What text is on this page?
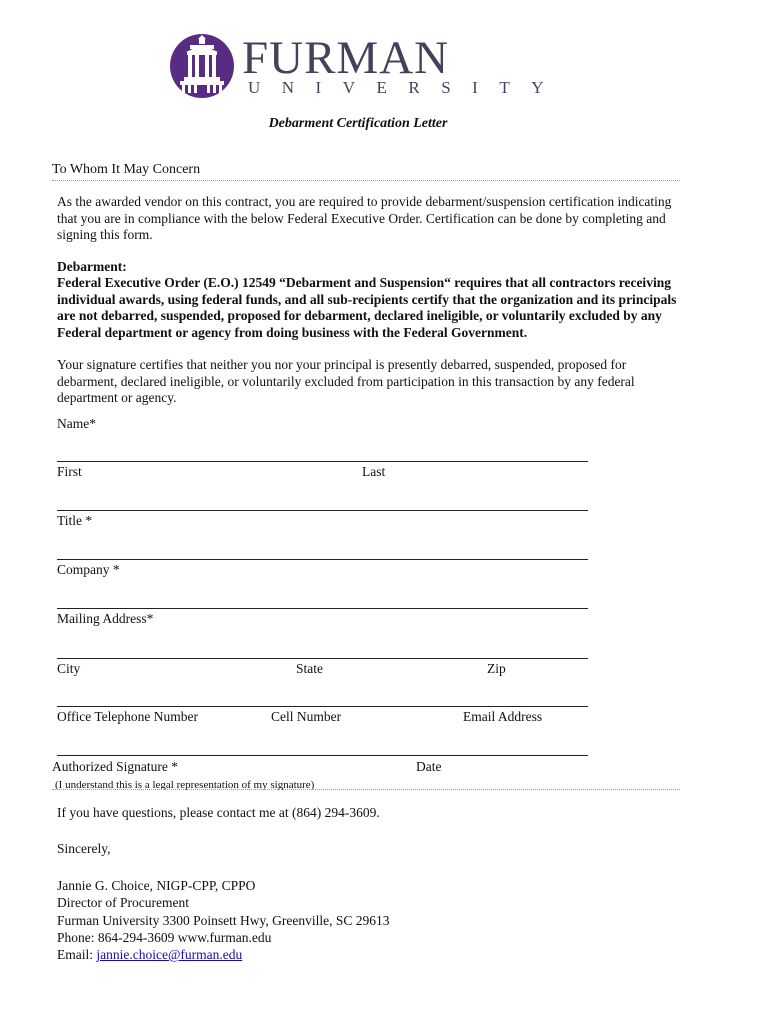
FURMAN
UNIVERSITY
Debarment Certification Letter
To Whom It May Concern
As the awarded vendor on this contract, you are required to provide debarment/suspension certification indicating that you are in compliance with the below Federal Executive Order. Certification can be done by completing and signing this form.
Debarment:
Federal Executive Order (E.O.) 12549 “Debarment and Suspension“ requires that all contractors receiving individual awards, using federal funds, and all sub-recipients certify that the organization and its principals are not debarred, suspended, proposed for debarment, declared ineligible, or voluntarily excluded by any Federal department or agency from doing business with the Federal Government.
Your signature certifies that neither you nor your principal is presently debarred, suspended, proposed for debarment, declared ineligible, or voluntarily excluded from participation in this transaction by any federal department or agency.
Name*
First	Last
Title *
Company *
Mailing Address*
City	State	Zip
Office Telephone Number	Cell Number	Email Address
Authorized Signature *	Date
(I understand this is a legal representation of my signature)
If you have questions, please contact me at (864) 294-3609.
Sincerely,
Jannie G. Choice, NIGP-CPP, CPPO
Director of Procurement
Furman University 3300 Poinsett Hwy, Greenville, SC 29613
Phone: 864-294-3609 www.furman.edu
Email: jannie.choice@furman.edu
